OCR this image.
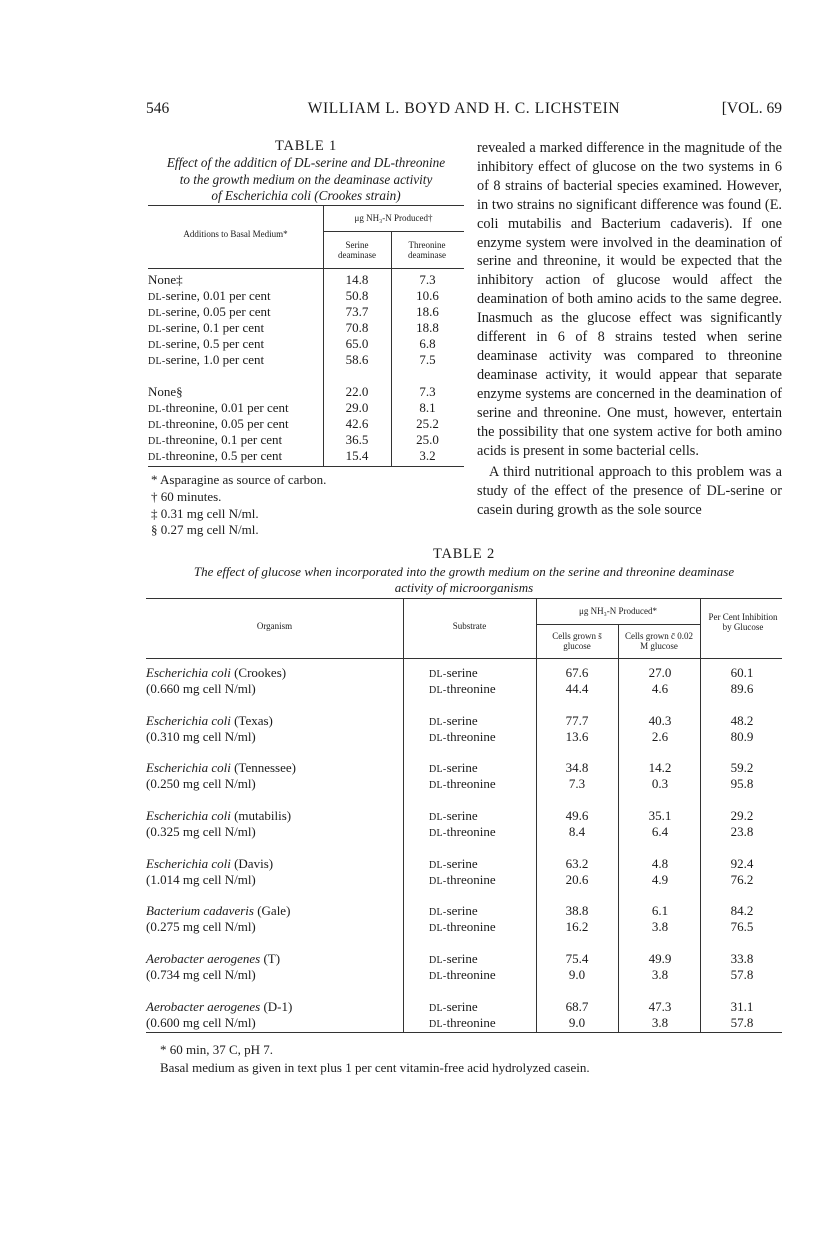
546	WILLIAM L. BOYD AND H. C. LICHSTEIN	[VOL. 69
TABLE 1
Effect of the additicn of DL-serine and DL-threonine
to the growth medium on the deaminase activity
of Escherichia coli (Crookes strain)
Additions to Basal Medium*
μg NH₃-N Produced†
Serine deaminase
Threonine deaminase
None‡	14.8	7.3
DL-serine, 0.01 per cent	50.8	10.6
DL-serine, 0.05 per cent	73.7	18.6
DL-serine, 0.1 per cent	70.8	18.8
DL-serine, 0.5 per cent	65.0	6.8
DL-serine, 1.0 per cent	58.6	7.5
None§	22.0	7.3
DL-threonine, 0.01 per cent	29.0	8.1
DL-threonine, 0.05 per cent	42.6	25.2
DL-threonine, 0.1 per cent	36.5	25.0
DL-threonine, 0.5 per cent	15.4	3.2
* Asparagine as source of carbon.
† 60 minutes.
‡ 0.31 mg cell N/ml.
§ 0.27 mg cell N/ml.

revealed a marked difference in the magnitude of the inhibitory effect of glucose on the two systems in 6 of 8 strains of bacterial species examined. However, in two strains no significant difference was found (E. coli mutabilis and Bacterium cadaveris). If one enzyme system were involved in the deamination of serine and threonine, it would be expected that the inhibitory action of glucose would affect the deamination of both amino acids to the same degree. Inasmuch as the glucose effect was significantly different in 6 of 8 strains tested when serine deaminase activity was compared to threonine deaminase activity, it would appear that separate enzyme systems are concerned in the deamination of serine and threonine. One must, however, entertain the possibility that one system active for both amino acids is present in some bacterial cells.

A third nutritional approach to this problem was a study of the effect of the presence of DL-serine or casein during growth as the sole source

TABLE 2
The effect of glucose when incorporated into the growth medium on the serine and threonine deaminase
activity of microorganisms
Organism	Substrate
μg NH₃-N Produced*
Cells grown s̄ glucose
Cells grown c̄ 0.02 M glucose
Per Cent Inhibition by Glucose
Escherichia coli (Crookes)	DL-serine	67.6	27.0	60.1
(0.660 mg cell N/ml)	DL-threonine	44.4	4.6	89.6
Escherichia coli (Texas)	DL-serine	77.7	40.3	48.2
(0.310 mg cell N/ml)	DL-threonine	13.6	2.6	80.9
Escherichia coli (Tennessee)	DL-serine	34.8	14.2	59.2
(0.250 mg cell N/ml)	DL-threonine	7.3	0.3	95.8
Escherichia coli (mutabilis)	DL-serine	49.6	35.1	29.2
(0.325 mg cell N/ml)	DL-threonine	8.4	6.4	23.8
Escherichia coli (Davis)	DL-serine	63.2	4.8	92.4
(1.014 mg cell N/ml)	DL-threonine	20.6	4.9	76.2
Bacterium cadaveris (Gale)	DL-serine	38.8	6.1	84.2
(0.275 mg cell N/ml)	DL-threonine	16.2	3.8	76.5
Aerobacter aerogenes (T)	DL-serine	75.4	49.9	33.8
(0.734 mg cell N/ml)	DL-threonine	9.0	3.8	57.8
Aerobacter aerogenes (D-1)	DL-serine	68.7	47.3	31.1
(0.600 mg cell N/ml)	DL-threonine	9.0	3.8	57.8
* 60 min, 37 C, pH 7.
Basal medium as given in text plus 1 per cent vitamin-free acid hydrolyzed casein.
